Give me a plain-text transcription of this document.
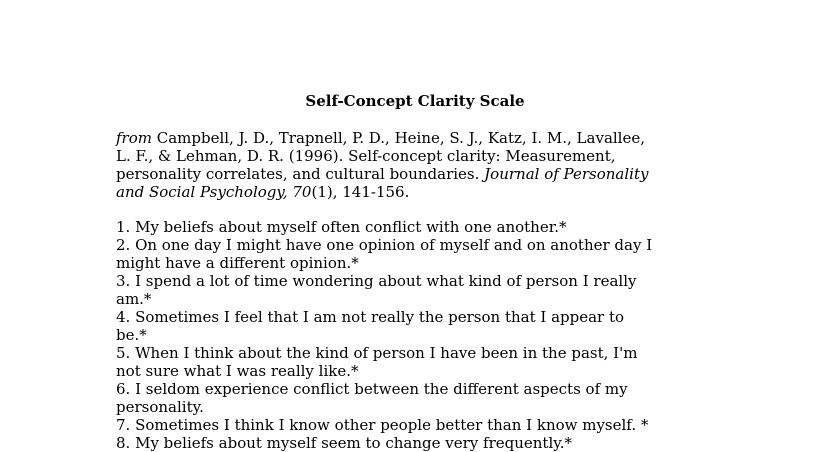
Self-Concept Clarity Scale
from Campbell, J. D., Trapnell, P. D., Heine, S. J., Katz, I. M., Lavallee,
L. F., & Lehman, D. R. (1996). Self-concept clarity: Measurement,
personality correlates, and cultural boundaries. Journal of Personality
and Social Psychology, 70(1), 141-156.
1. My beliefs about myself often conflict with one another.*
2. On one day I might have one opinion of myself and on another day I
might have a different opinion.*
3. I spend a lot of time wondering about what kind of person I really
am.*
4. Sometimes I feel that I am not really the person that I appear to
be.*
5. When I think about the kind of person I have been in the past, I'm
not sure what I was really like.*
6. I seldom experience conflict between the different aspects of my
personality.
7. Sometimes I think I know other people better than I know myself. *
8. My beliefs about myself seem to change very frequently.*
